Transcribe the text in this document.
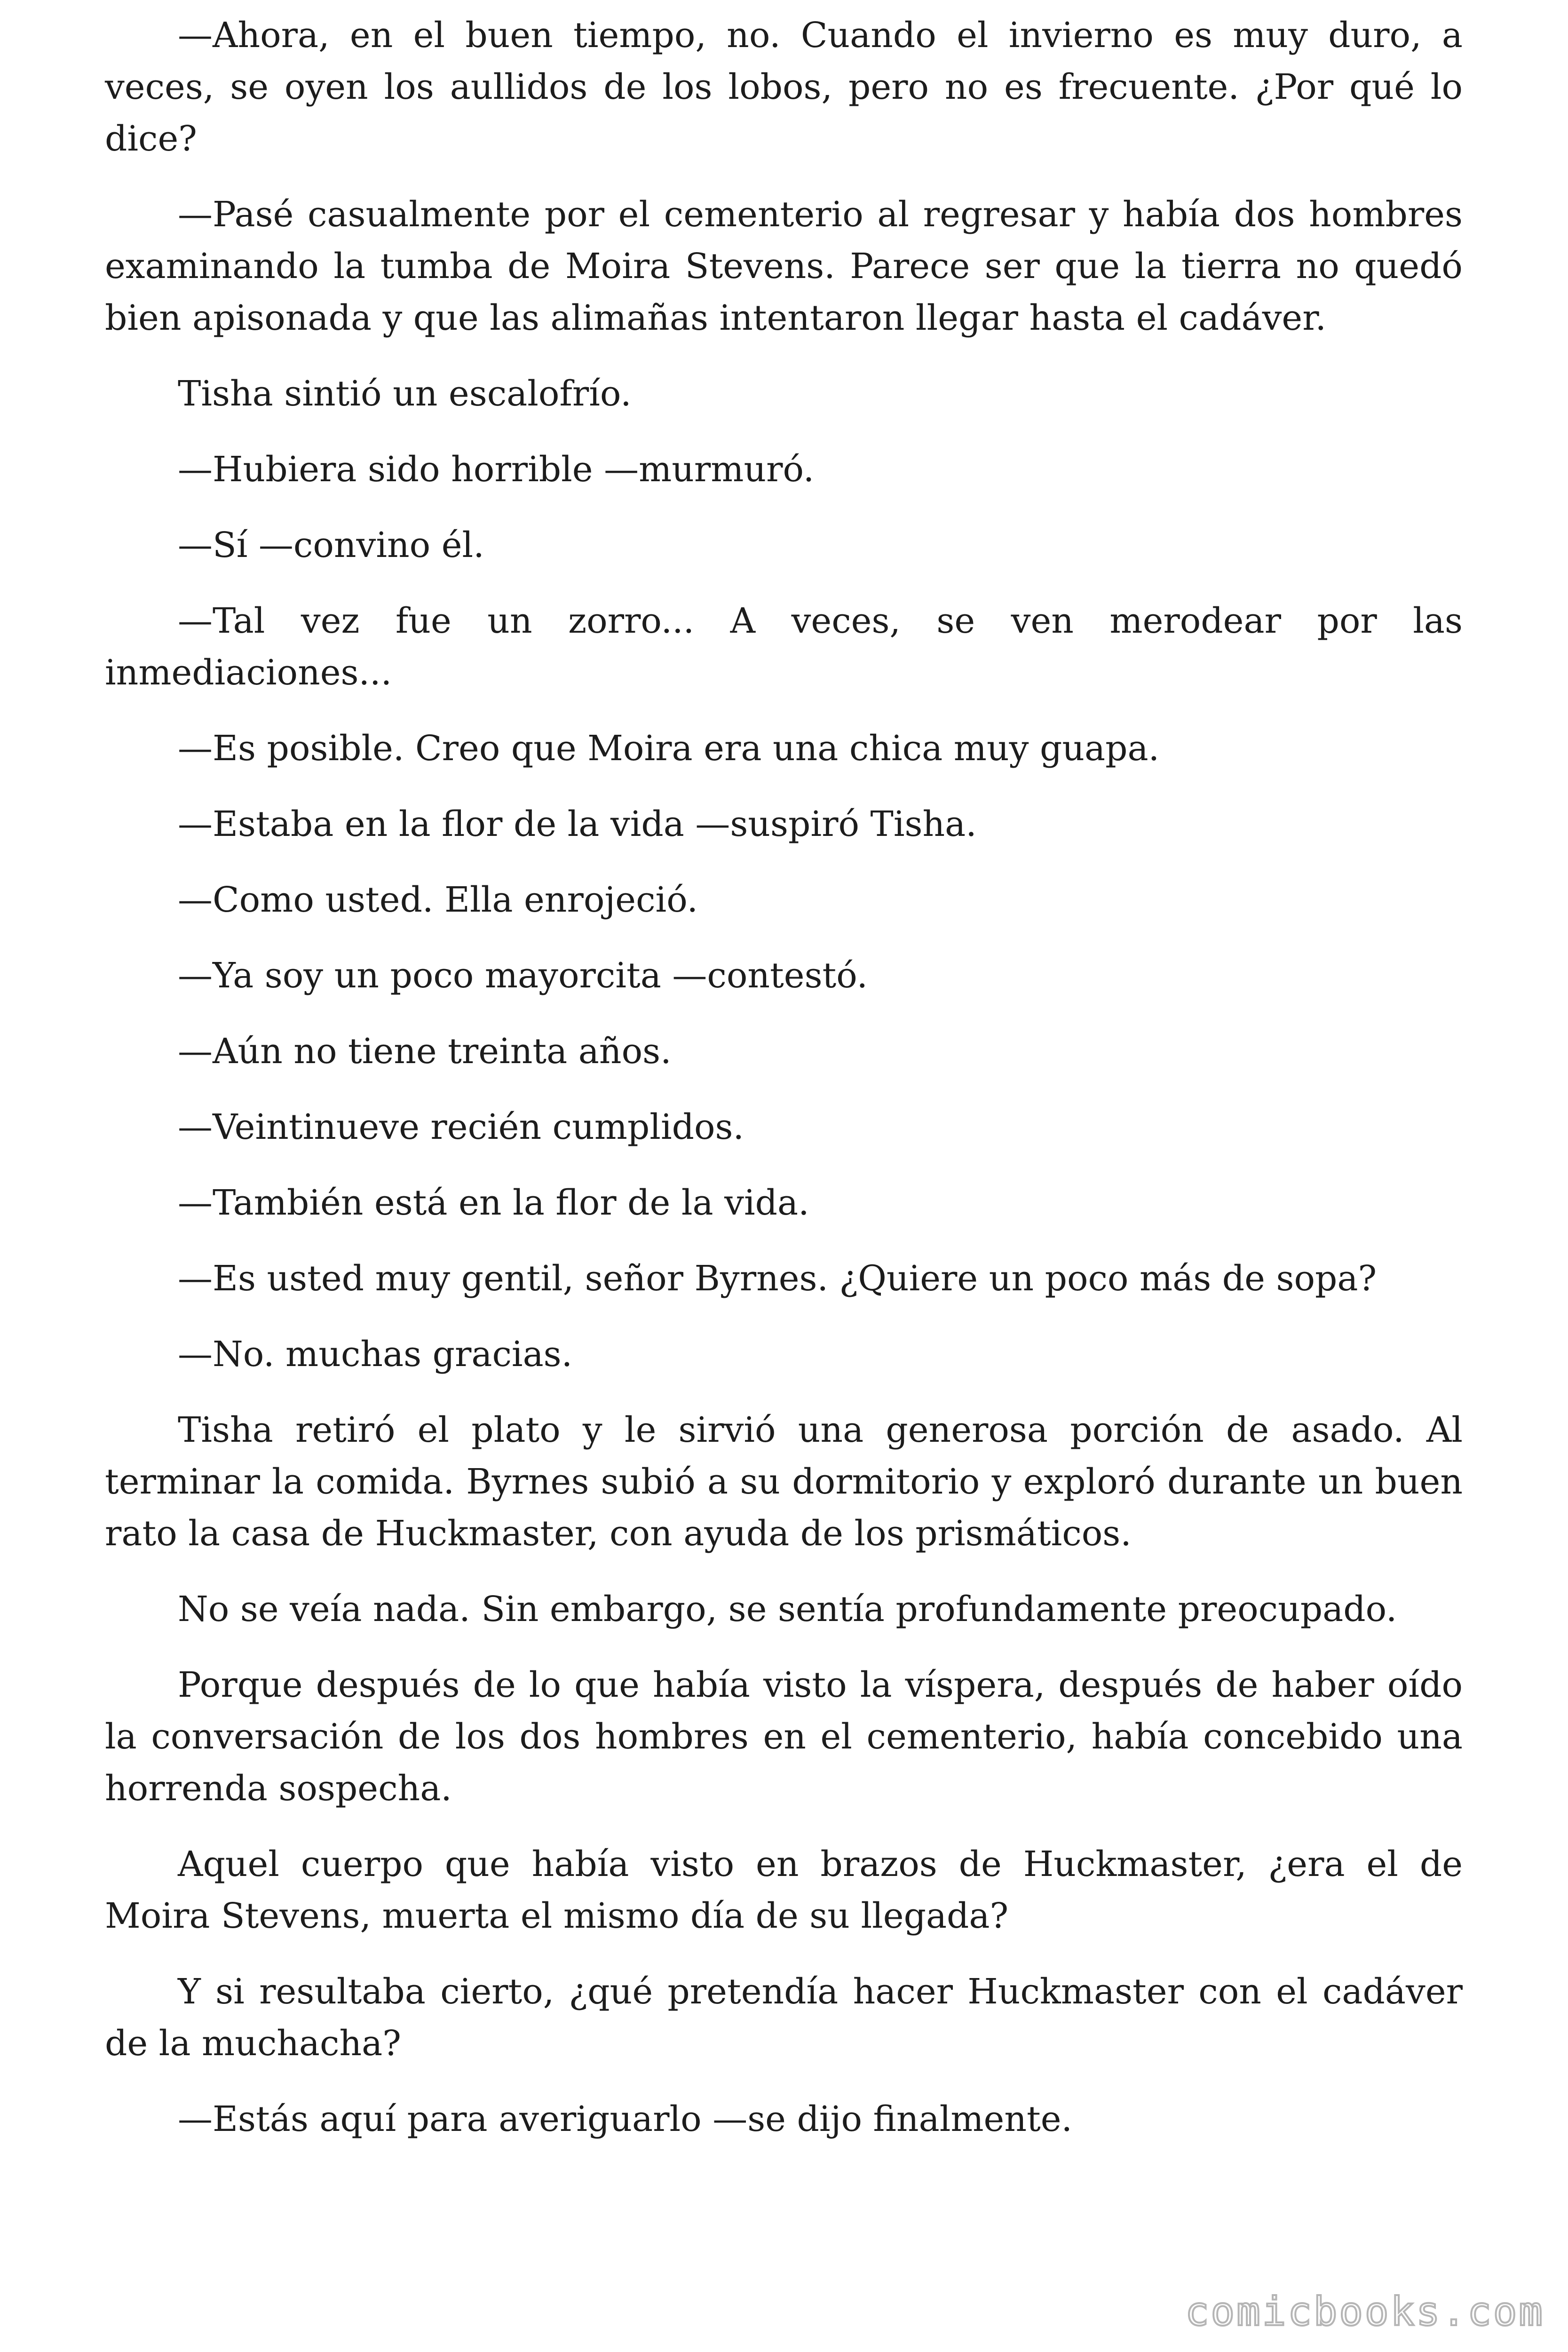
—Ahora, en el buen tiempo, no. Cuando el invierno es muy duro, a veces, se oyen los aullidos de los lobos, pero no es frecuente. ¿Por qué lo dice?

—Pasé casualmente por el cementerio al regresar y había dos hombres examinando la tumba de Moira Stevens. Parece ser que la tierra no quedó bien apisonada y que las alimañas intentaron llegar hasta el cadáver.

Tisha sintió un escalofrío.

—Hubiera sido horrible —murmuró.

—Sí —convino él.

—Tal vez fue un zorro... A veces, se ven merodear por las inmediaciones...

—Es posible. Creo que Moira era una chica muy guapa.

—Estaba en la flor de la vida —suspiró Tisha.

—Como usted. Ella enrojeció.

—Ya soy un poco mayorcita —contestó.

—Aún no tiene treinta años.

—Veintinueve recién cumplidos.

—También está en la flor de la vida.

—Es usted muy gentil, señor Byrnes. ¿Quiere un poco más de sopa?

—No. muchas gracias.

Tisha retiró el plato y le sirvió una generosa porción de asado. Al terminar la comida. Byrnes subió a su dormitorio y exploró durante un buen rato la casa de Huckmaster, con ayuda de los prismáticos.

No se veía nada. Sin embargo, se sentía profundamente preocupado.

Porque después de lo que había visto la víspera, después de haber oído la conversación de los dos hombres en el cementerio, había concebido una horrenda sospecha.

Aquel cuerpo que había visto en brazos de Huckmaster, ¿era el de Moira Stevens, muerta el mismo día de su llegada?

Y si resultaba cierto, ¿qué pretendía hacer Huckmaster con el cadáver de la muchacha?

—Estás aquí para averiguarlo —se dijo finalmente.

comicbooks.com
